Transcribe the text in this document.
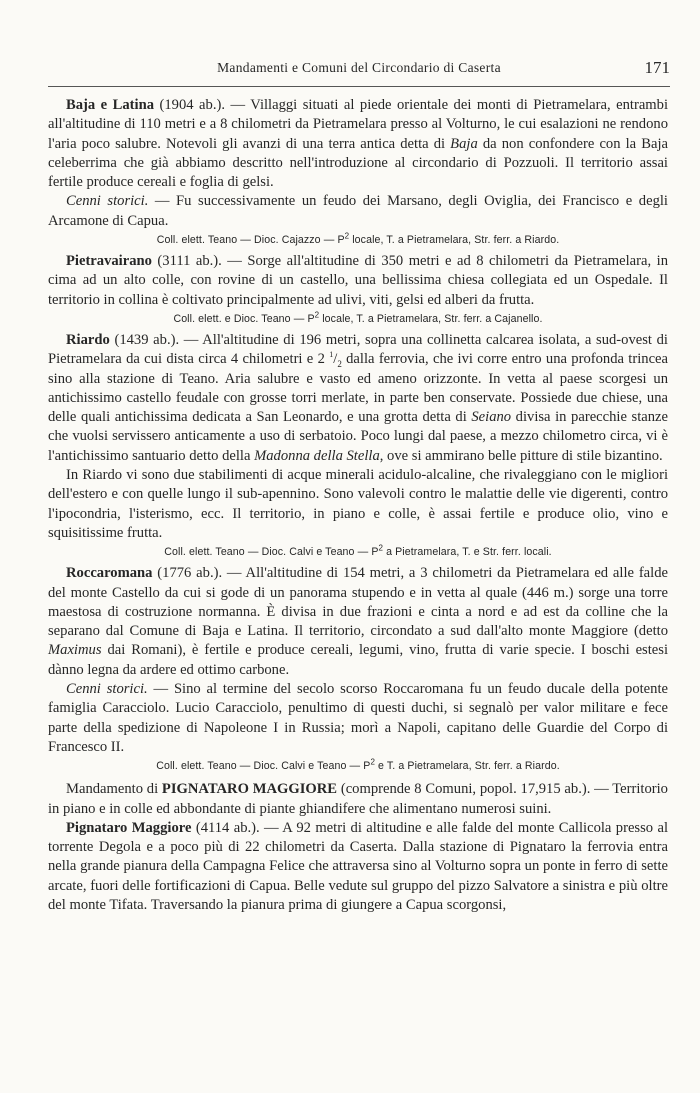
Mandamenti e Comuni del Circondario di Caserta	171

Baja e Latina (1904 ab.). — Villaggi situati al piede orientale dei monti di Pietramelara, entrambi all'altitudine di 110 metri e a 8 chilometri da Pietramelara presso al Volturno, le cui esalazioni ne rendono l'aria poco salubre. Notevoli gli avanzi di una terra antica detta di Baja da non confondere con la Baja celeberrima che già abbiamo descritto nell'introduzione al circondario di Pozzuoli. Il territorio assai fertile produce cereali e foglia di gelsi.

Cenni storici. — Fu successivamente un feudo dei Marsano, degli Oviglia, dei Francisco e degli Arcamone di Capua.

Coll. elett. Teano — Dioc. Cajazzo — $P^2$ locale, T. a Pietramelara, Str. ferr. a Riardo.

Pietravairano (3111 ab.). — Sorge all'altitudine di 350 metri e ad 8 chilometri da Pietramelara, in cima ad un alto colle, con rovine di un castello, una bellissima chiesa collegiata ed un Ospedale. Il territorio in collina è coltivato principalmente ad ulivi, viti, gelsi ed alberi da frutta.

Coll. elett. e Dioc. Teano — $P^2$ locale, T. a Pietramelara, Str. ferr. a Cajanello.

Riardo (1439 ab.). — All'altitudine di 196 metri, sopra una collinetta calcarea isolata, a sud-ovest di Pietramelara da cui dista circa 4 chilometri e 2 $^1/_2$ dalla ferrovia, che ivi corre entro una profonda trincea sino alla stazione di Teano. Aria salubre e vasto ed ameno orizzonte. In vetta al paese scorgesi un antichissimo castello feudale con grosse torri merlate, in parte ben conservate. Possiede due chiese, una delle quali antichissima dedicata a San Leonardo, e una grotta detta di Seiano divisa in parecchie stanze che vuolsi servissero anticamente a uso di serbatoio. Poco lungi dal paese, a mezzo chilometro circa, vi è l'antichissimo santuario detto della Madonna della Stella, ove si ammirano belle pitture di stile bizantino.

In Riardo vi sono due stabilimenti di acque minerali acidulo-alcaline, che rivaleggiano con le migliori dell'estero e con quelle lungo il sub-apennino. Sono valevoli contro le malattie delle vie digerenti, contro l'ipocondria, l'isterismo, ecc. Il territorio, in piano e colle, è assai fertile e produce olio, vino e squisitissime frutta.

Coll. elett. Teano — Dioc. Calvi e Teano — $P^2$ a Pietramelara, T. e Str. ferr. locali.

Roccaromana (1776 ab.). — All'altitudine di 154 metri, a 3 chilometri da Pietramelara ed alle falde del monte Castello da cui si gode di un panorama stupendo e in vetta al quale (446 m.) sorge una torre maestosa di costruzione normanna. È divisa in due frazioni e cinta a nord e ad est da colline che la separano dal Comune di Baja e Latina. Il territorio, circondato a sud dall'alto monte Maggiore (detto Maximus dai Romani), è fertile e produce cereali, legumi, vino, frutta di varie specie. I boschi estesi dànno legna da ardere ed ottimo carbone.

Cenni storici. — Sino al termine del secolo scorso Roccaromana fu un feudo ducale della potente famiglia Caracciolo. Lucio Caracciolo, penultimo di questi duchi, si segnalò per valor militare e fece parte della spedizione di Napoleone I in Russia; morì a Napoli, capitano delle Guardie del Corpo di Francesco II.

Coll. elett. Teano — Dioc. Calvi e Teano — $P^2$ e T. a Pietramelara, Str. ferr. a Riardo.

Mandamento di PIGNATARO MAGGIORE (comprende 8 Comuni, popol. 17,915 ab.). — Territorio in piano e in colle ed abbondante di piante ghiandifere che alimentano numerosi suini.

Pignataro Maggiore (4114 ab.). — A 92 metri di altitudine e alle falde del monte Callicola presso al torrente Degola e a poco più di 22 chilometri da Caserta. Dalla stazione di Pignataro la ferrovia entra nella grande pianura della Campagna Felice che attraversa sino al Volturno sopra un ponte in ferro di sette arcate, fuori delle fortificazioni di Capua. Belle vedute sul gruppo del pizzo Salvatore a sinistra e più oltre del monte Tifata. Traversando la pianura prima di giungere a Capua scorgonsi,
